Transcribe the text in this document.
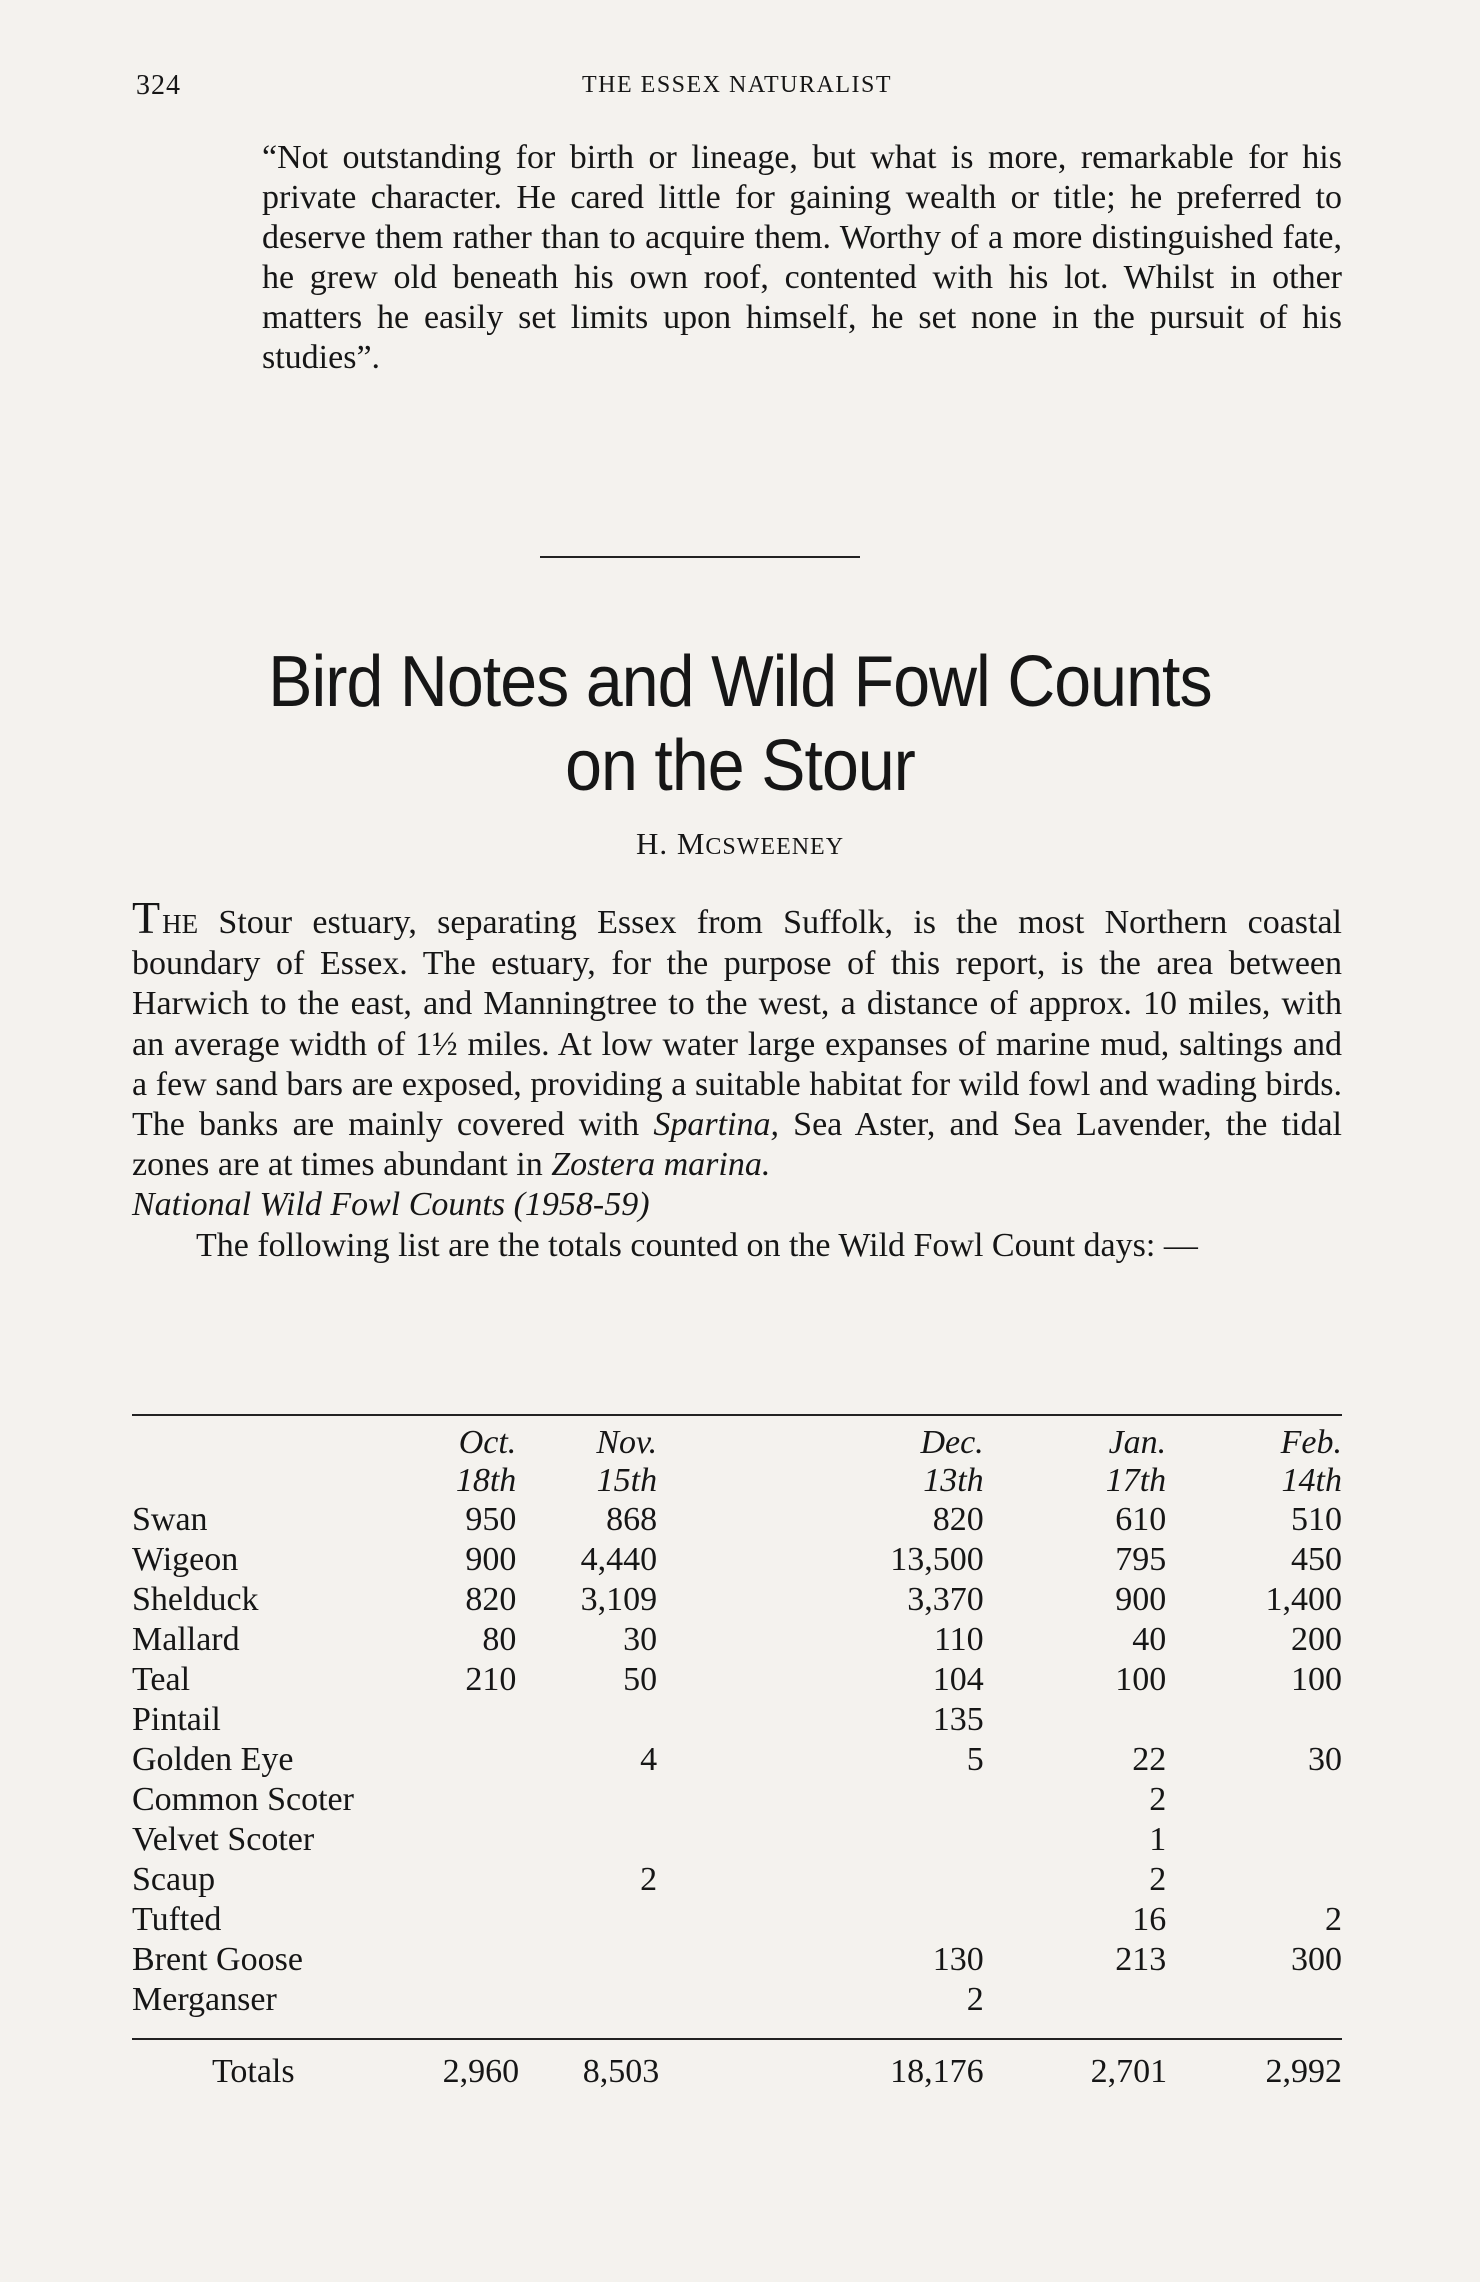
324	THE ESSEX NATURALIST

“Not outstanding for birth or lineage, but what is more, remarkable for his private character. He cared little for gaining wealth or title; he preferred to deserve them rather than to acquire them. Worthy of a more distinguished fate, he grew old beneath his own roof, contented with his lot. Whilst in other matters he easily set limits upon himself, he set none in the pursuit of his studies”.

Bird Notes and Wild Fowl Counts
on the Stour
H. MCSWEENEY

THE Stour estuary, separating Essex from Suffolk, is the most Northern coastal boundary of Essex. The estuary, for the purpose of this report, is the area between Harwich to the east, and Manningtree to the west, a distance of approx. 10 miles, with an average width of 1½ miles. At low water large expanses of marine mud, saltings and a few sand bars are exposed, providing a suitable habitat for wild fowl and wading birds. The banks are mainly covered with Spartina, Sea Aster, and Sea Lavender, the tidal zones are at times abundant in Zostera marina.

National Wild Fowl Counts (1958-59)

The following list are the totals counted on the Wild Fowl Count days: —

	Oct.	Nov.	Dec.	Jan.	Feb.
	18th	15th	13th	17th	14th
Swan	950	868	820	610	510
Wigeon	900	4,440	13,500	795	450
Shelduck	820	3,109	3,370	900	1,400
Mallard	80	30	110	40	200
Teal	210	50	104	100	100
Pintail			135		
Golden Eye		4	5	22	30
Common Scoter				2	
Velvet Scoter				1	
Scaup		2		2	
Tufted				16	2
Brent Goose			130	213	300
Merganser			2		
Totals	2,960	8,503	18,176	2,701	2,992
